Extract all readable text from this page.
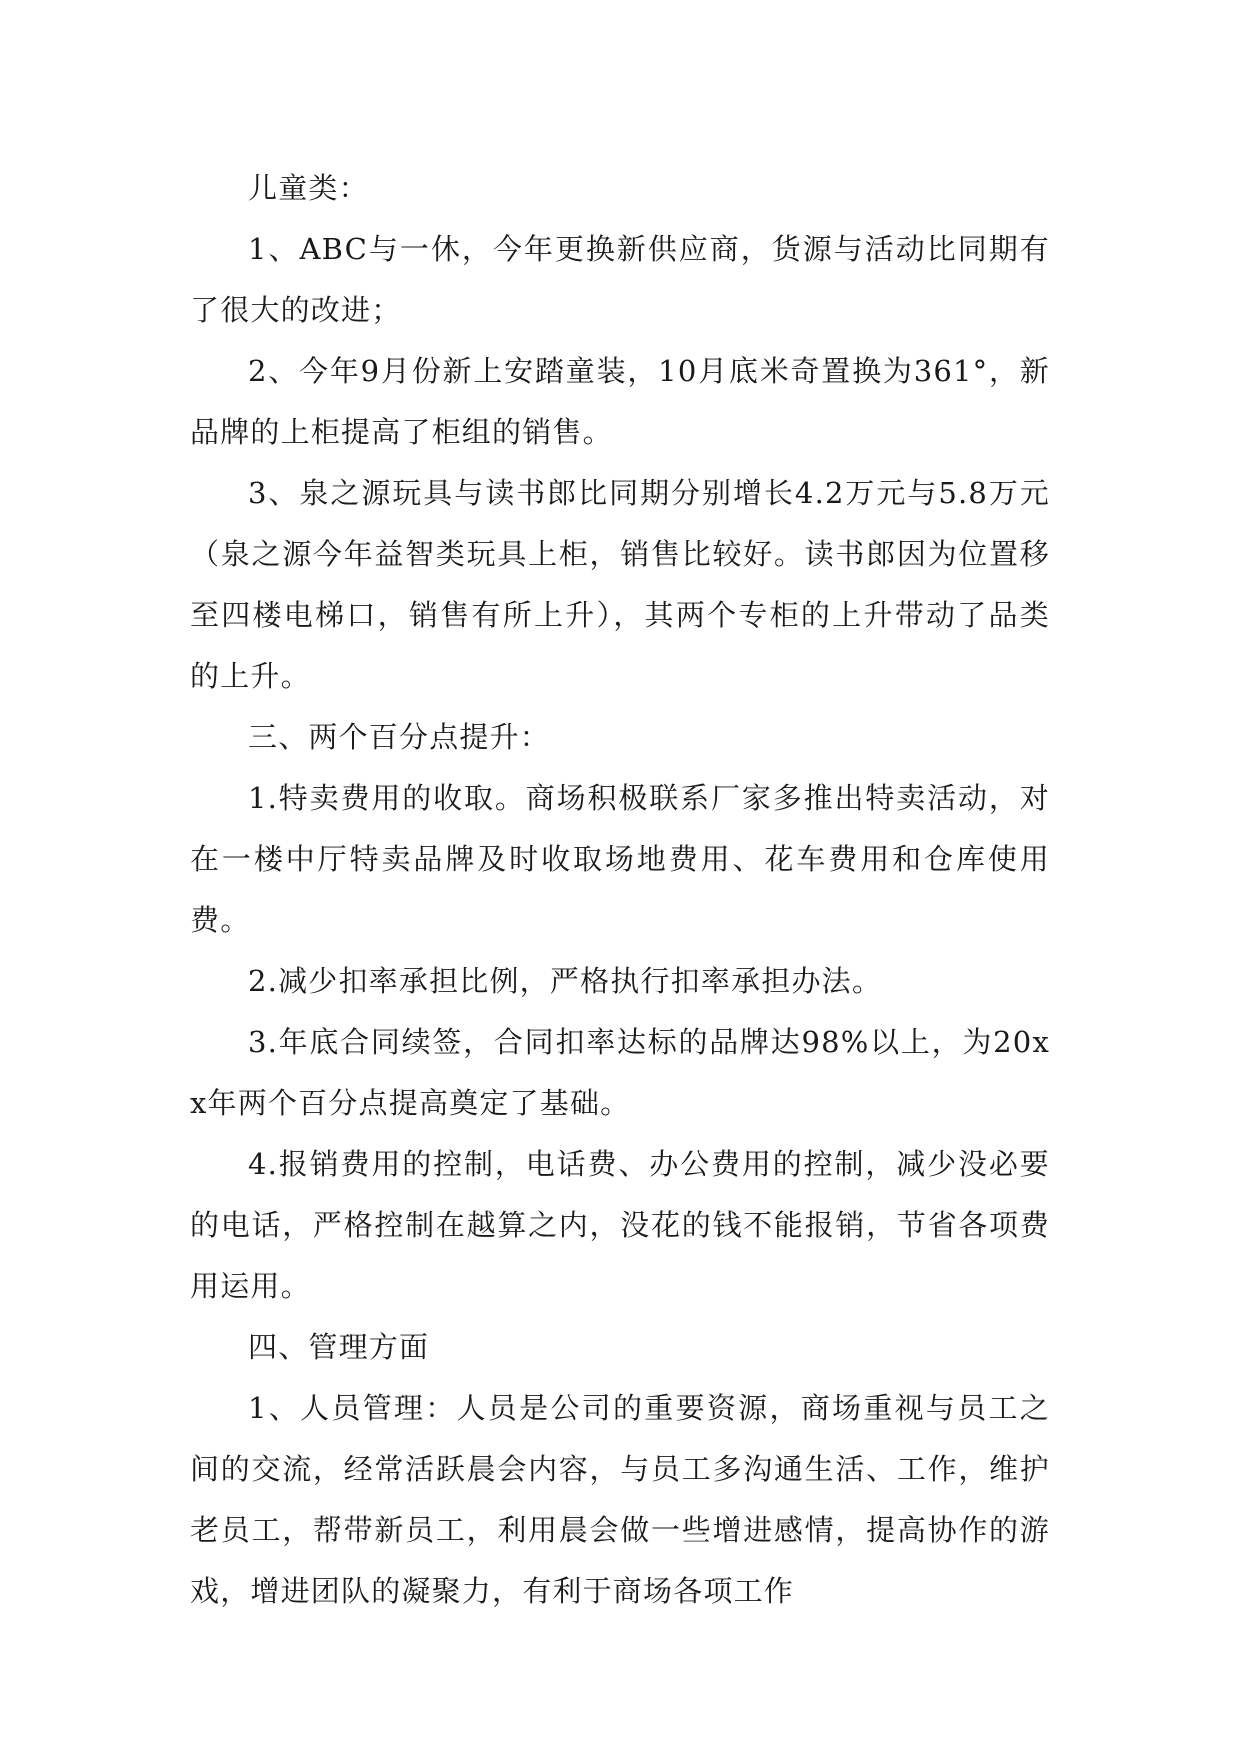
儿童类：

1、ABC与一休，今年更换新供应商，货源与活动比同期有了很大的改进；

2、今年9月份新上安踏童装，10月底米奇置换为361°，新品牌的上柜提高了柜组的销售。

3、泉之源玩具与读书郎比同期分别增长4.2万元与5.8万元（泉之源今年益智类玩具上柜，销售比较好。读书郎因为位置移至四楼电梯口，销售有所上升），其两个专柜的上升带动了品类的上升。

三、两个百分点提升：

1.特卖费用的收取。商场积极联系厂家多推出特卖活动，对在一楼中厅特卖品牌及时收取场地费用、花车费用和仓库使用费。

2.减少扣率承担比例，严格执行扣率承担办法。

3.年底合同续签，合同扣率达标的品牌达98%以上，为20xx年两个百分点提高奠定了基础。

4.报销费用的控制，电话费、办公费用的控制，减少没必要的电话，严格控制在越算之内，没花的钱不能报销，节省各项费用运用。

四、管理方面

1、人员管理：人员是公司的重要资源，商场重视与员工之间的交流，经常活跃晨会内容，与员工多沟通生活、工作，维护老员工，帮带新员工，利用晨会做一些增进感情，提高协作的游戏，增进团队的凝聚力，有利于商场各项工作
